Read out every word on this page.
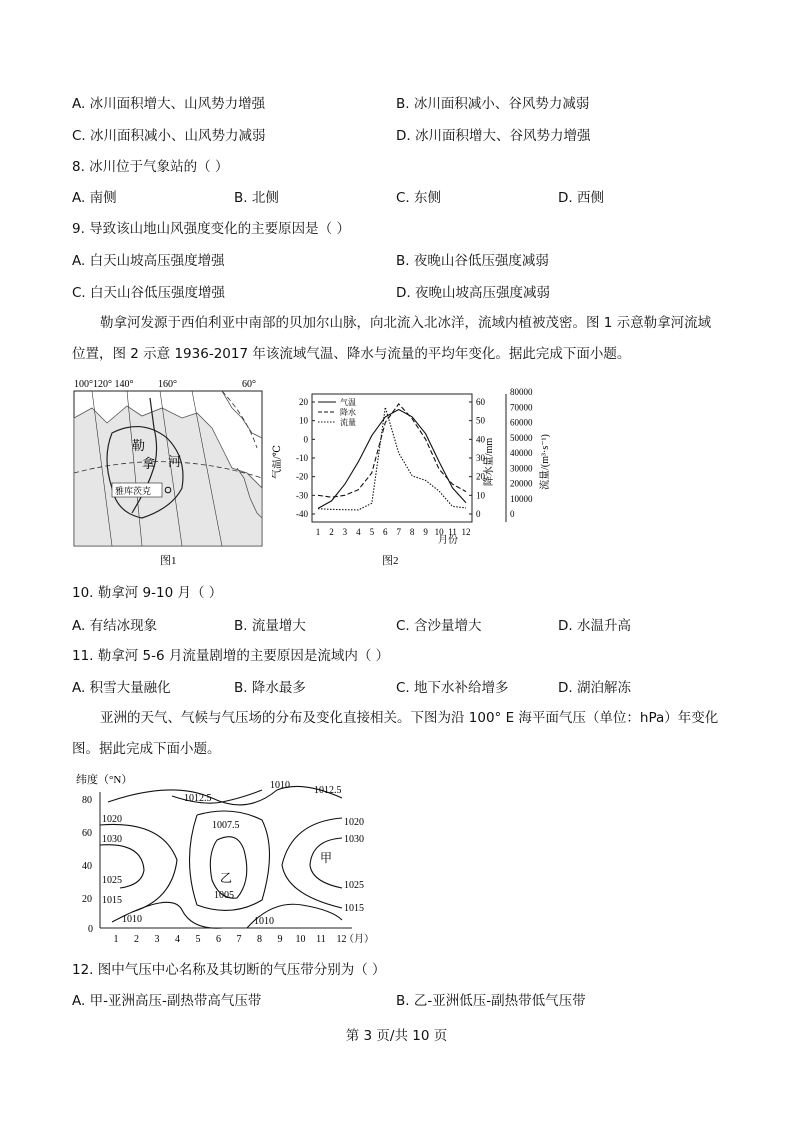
A. 冰川面积增大、山风势力增强	B. 冰川面积减小、谷风势力减弱
C. 冰川面积减小、山风势力减弱	D. 冰川面积增大、谷风势力增强
8. 冰川位于气象站的（ ）
A. 南侧	B. 北侧	C. 东侧	D. 西侧
9. 导致该山地山风强度变化的主要原因是（ ）
A. 白天山坡高压强度增强	B. 夜晚山谷低压强度减弱
C. 白天山谷低压强度增强	D. 夜晚山坡高压强度减弱
勒拿河发源于西伯利亚中南部的贝加尔山脉，向北流入北冰洋，流域内植被茂密。图 1 示意勒拿河流域位置，图 2 示意 1936-2017 年该流域气温、降水与流量的平均年变化。据此完成下面小题。
100°120° 140° 160°	60°
勒
拿 河
雅库茨克
图1
20
10
0
-10
-20
-30
-40
60
50
40
30
20
10
0
80000
70000
60000
50000
40000
30000
20000
10000
0
1 2 3 4 5 6 7 8 9 10 11 12
气温/℃	降水量/mm	流量/(m³·s⁻¹)
气温
降水
流量
月份
图2
10. 勒拿河 9-10 月（ ）
A. 有结冰现象	B. 流量增大	C. 含沙量增大	D. 水温升高
11. 勒拿河 5-6 月流量剧增的主要原因是流域内（ ）
A. 积雪大量融化	B. 降水最多	C. 地下水补给增多	D. 湖泊解冻
亚洲的天气、气候与气压场的分布及变化直接相关。下图为沿 100° E 海平面气压（单位：hPa）年变化图。据此完成下面小题。
纬度（°N）
80
60
40
20
0
1 2 3 4 5 6 7 8 9 10 11 12
（月）
1010
1012.5
1012.5
1007.5
1020
1030
1020
1030
甲
乙
1025	1025
1005
1015
1015
1010	1010
12. 图中气压中心名称及其切断的气压带分别为（ ）
A. 甲-亚洲高压-副热带高气压带	B. 乙-亚洲低压-副热带低气压带
第 3 页/共 10 页
